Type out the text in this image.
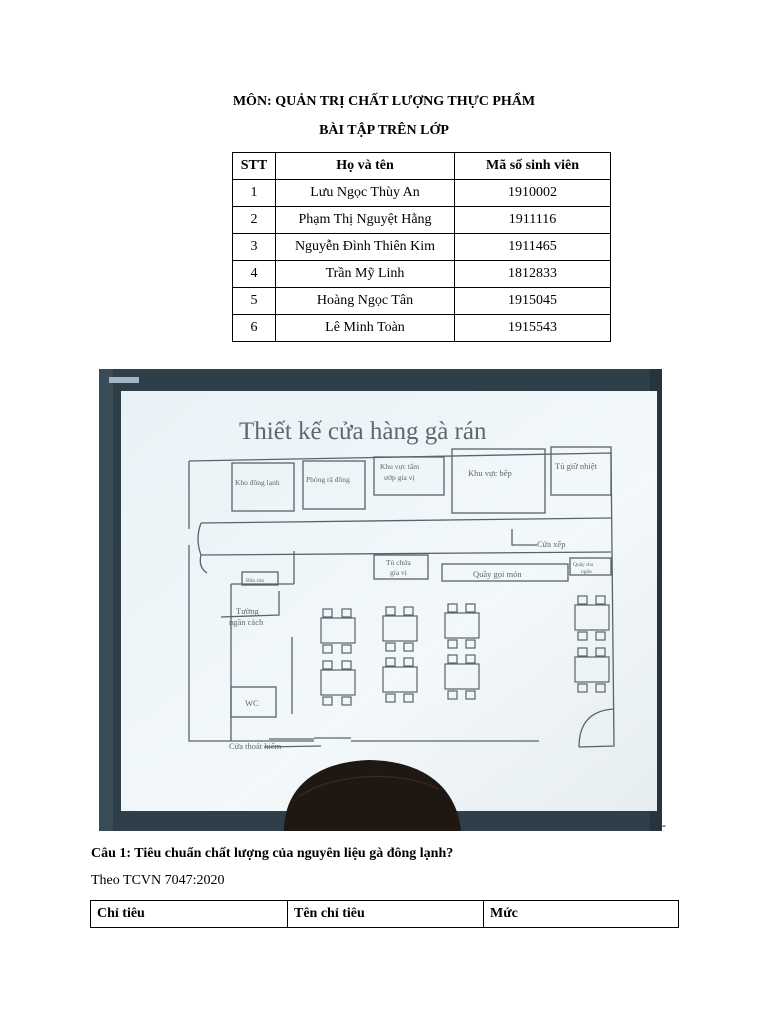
MÔN: QUẢN TRỊ CHẤT LƯỢNG THỰC PHẨM
BÀI TẬP TRÊN LỚP
STT	Họ và tên	Mã số sinh viên
1	Lưu Ngọc Thùy An	1910002
2	Phạm Thị Nguyệt Hằng	1911116
3	Nguyễn Đình Thiên Kim	1911465
4	Trần Mỹ Linh	1812833
5	Hoàng Ngọc Tân	1915045
6	Lê Minh Toàn	1915543
Thiết kế cửa hàng gà rán
Kho đông lạnh	Phòng rã đông
Khu vực tẩm
ướp gia vị	Khu vực bếp
Tủ giữ nhiệt
Cửa xếp
Bồn rửa
Tủ chứa
gia vị	Quầy gọi món
Quầy thu
ngân
Tường
ngăn cách
WC
Cửa thoát hiểm
-
Câu 1: Tiêu chuẩn chất lượng của nguyên liệu gà đông lạnh?
Theo TCVN 7047:2020
Chỉ tiêu	Tên chỉ tiêu	Mức
